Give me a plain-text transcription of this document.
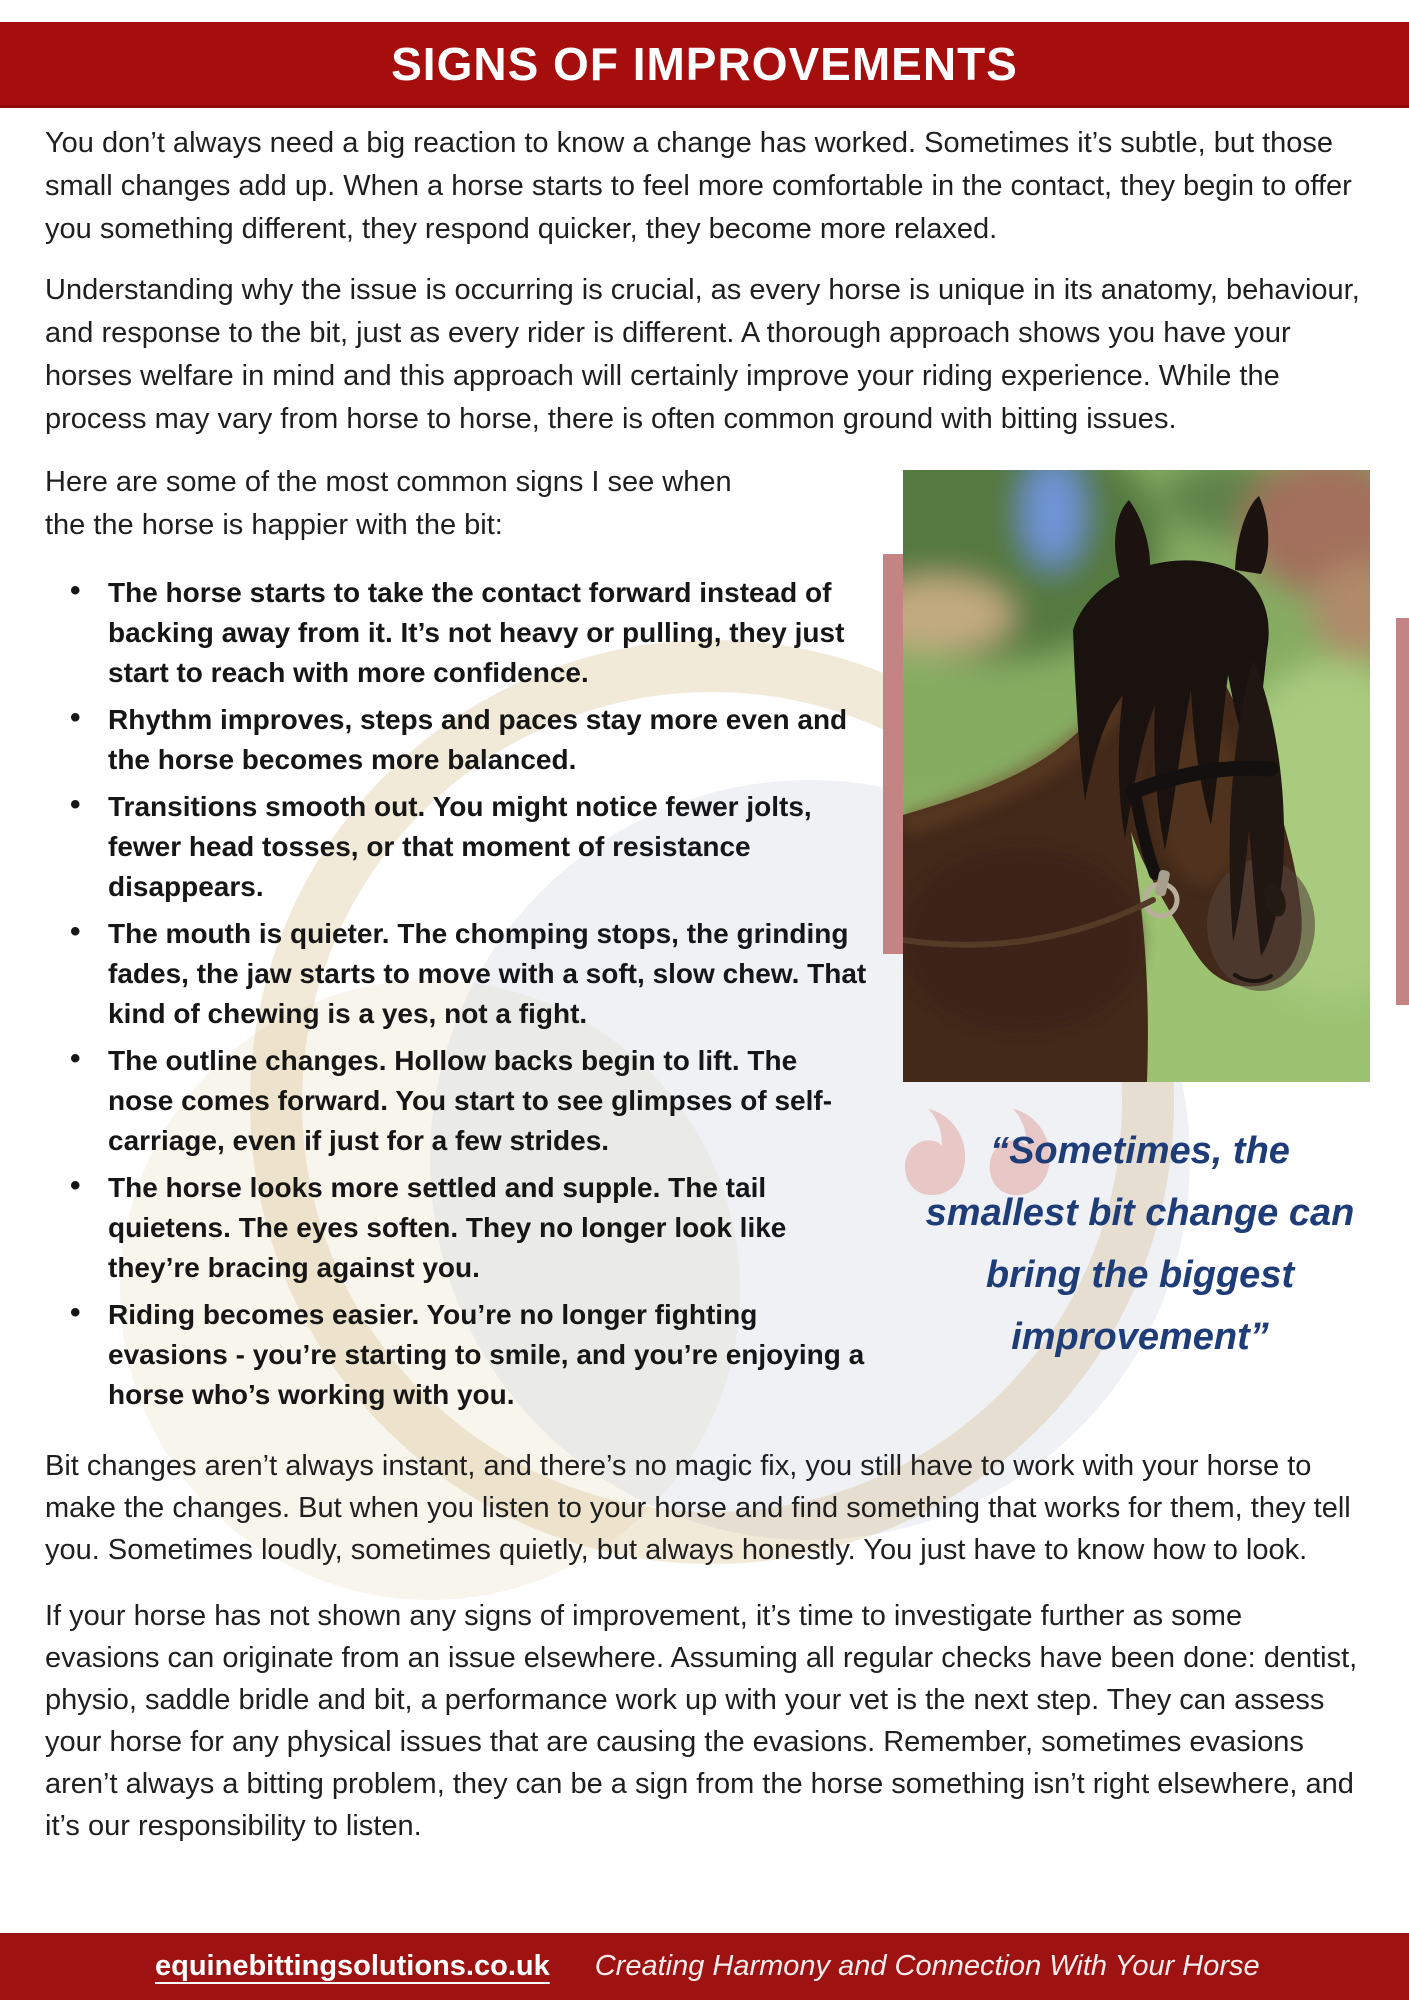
SIGNS OF IMPROVEMENTS

You don’t always need a big reaction to know a change has worked. Sometimes it’s subtle, but those small changes add up. When a horse starts to feel more comfortable in the contact, they begin to offer you something different, they respond quicker, they become more relaxed.

Understanding why the issue is occurring is crucial, as every horse is unique in its anatomy, behaviour, and response to the bit, just as every rider is different. A thorough approach shows you have your horses welfare in mind and this approach will certainly improve your riding experience. While the process may vary from horse to horse, there is often common ground with bitting issues.

Here are some of the most common signs I see when the the horse is happier with the bit:
• The horse starts to take the contact forward instead of backing away from it. It’s not heavy or pulling, they just start to reach with more confidence.
• Rhythm improves, steps and paces stay more even and the horse becomes more balanced.
• Transitions smooth out. You might notice fewer jolts, fewer head tosses, or that moment of resistance disappears.
• The mouth is quieter. The chomping stops, the grinding fades, the jaw starts to move with a soft, slow chew. That kind of chewing is a yes, not a fight.
• The outline changes. Hollow backs begin to lift. The nose comes forward. You start to see glimpses of self-carriage, even if just for a few strides.
• The horse looks more settled and supple. The tail quietens. The eyes soften. They no longer look like they’re bracing against you.
• Riding becomes easier. You’re no longer fighting evasions - you’re starting to smile, and you’re enjoying a horse who’s working with you.
“Sometimes, the smallest bit change can bring the biggest improvement”

Bit changes aren’t always instant, and there’s no magic fix, you still have to work with your horse to make the changes. But when you listen to your horse and find something that works for them, they tell you. Sometimes loudly, sometimes quietly, but always honestly. You just have to know how to look.

If your horse has not shown any signs of improvement, it’s time to investigate further as some evasions can originate from an issue elsewhere. Assuming all regular checks have been done: dentist, physio, saddle bridle and bit, a performance work up with your vet is the next step. They can assess your horse for any physical issues that are causing the evasions. Remember, sometimes evasions aren’t always a bitting problem, they can be a sign from the horse something isn’t right elsewhere, and it’s our responsibility to listen.

equinebittingsolutions.co.uk Creating Harmony and Connection With Your Horse
